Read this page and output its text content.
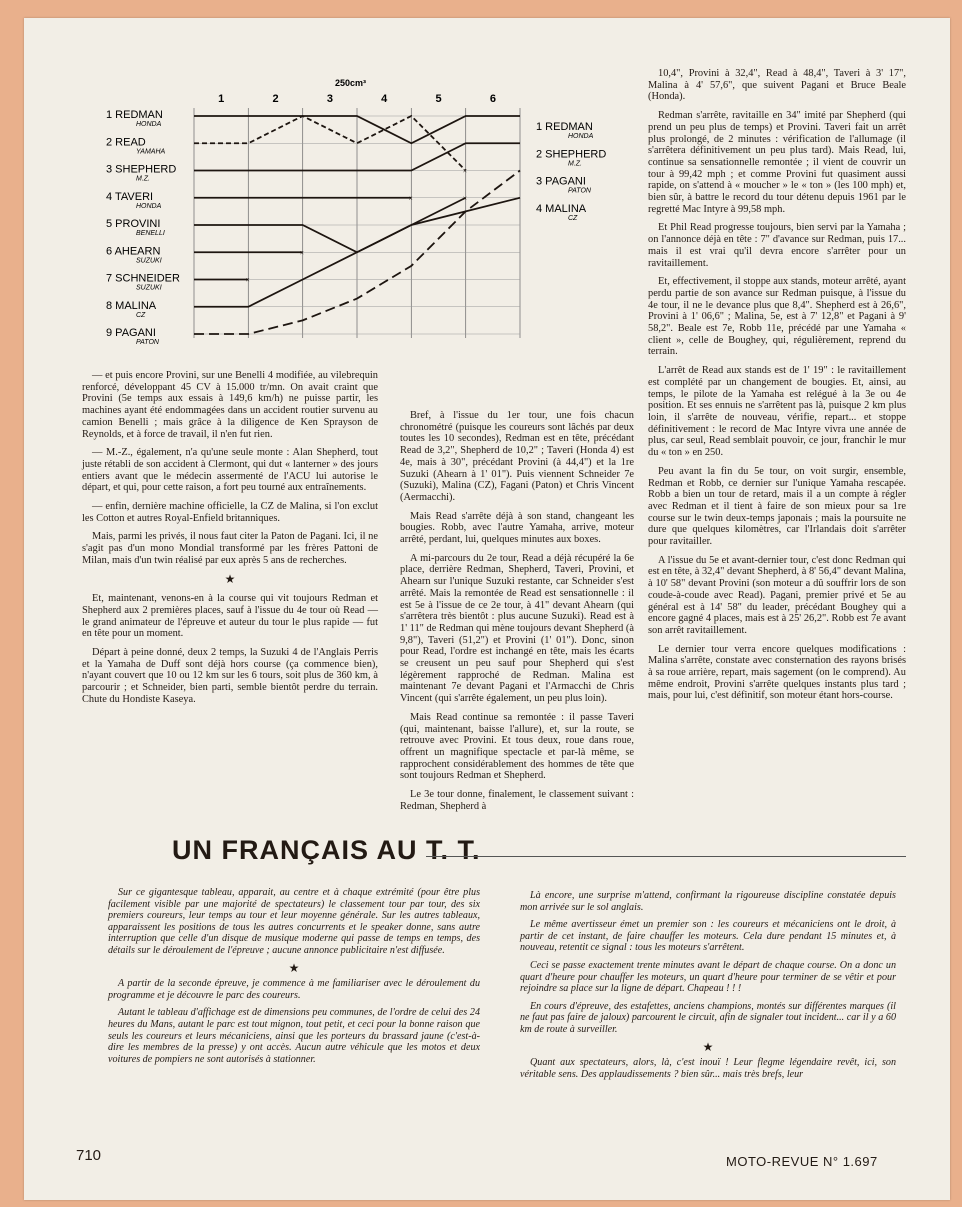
250cm³
1	2	3	4	5	6
1 REDMAN
HONDA
2 READ
YAMAHA
3 SHEPHERD
M.Z.
4 TAVERI
HONDA
5 PROVINI
BENELLI
6 AHEARN
SUZUKI
7 SCHNEIDER
SUZUKI
8 MALINA
CZ
9 PAGANI
PATON
1 REDMAN
HONDA
2 SHEPHERD
M.Z.
3 PAGANI
PATON
4 MALINA
CZ
×
×	×
×
×

— et puis encore Provini, sur une Benelli 4 modifiée, au vilebrequin renforcé, développant 45 CV à 15.000 tr/mn. On avait craint que Provini (5e temps aux essais à 149,6 km/h) ne puisse partir, les machines ayant été endommagées dans un accident routier survenu au camion Benelli ; mais grâce à la diligence de Ken Sprayson de Reynolds, et à force de travail, il n'en fut rien.

— M.-Z., également, n'a qu'une seule monte : Alan Shepherd, tout juste rétabli de son accident à Clermont, qui dut « lanterner » des jours entiers avant que le médecin assermenté de l'ACU lui autorise le départ, et qui, pour cette raison, a fort peu tourné aux entraînements.

— enfin, dernière machine officielle, la CZ de Malina, si l'on exclut les Cotton et autres Royal-Enfield britanniques.

Mais, parmi les privés, il nous faut citer la Paton de Pagani. Ici, il ne s'agit pas d'un mono Mondial transformé par les frères Pattoni de Milan, mais d'un twin réalisé par eux après 5 ans de recherches.

★

Et, maintenant, venons-en à la course qui vit toujours Redman et Shepherd aux 2 premières places, sauf à l'issue du 4e tour où Read — le grand animateur de l'épreuve et auteur du tour le plus rapide — fut en tête pour un moment.

Départ à peine donné, deux 2 temps, la Suzuki 4 de l'Anglais Perris et la Yamaha de Duff sont déjà hors course (ça commence bien), n'ayant couvert que 10 ou 12 km sur les 6 tours, soit plus de 360 km, à parcourir ; et Schneider, bien parti, semble bientôt perdre du terrain. Chute du Hondiste Kaseya.

Bref, à l'issue du 1er tour, une fois chacun chronométré (puisque les coureurs sont lâchés par deux toutes les 10 secondes), Redman est en tête, précédant Read de 3,2", Shepherd de 10,2" ; Taveri (Honda 4) est 4e, mais à 30", précédant Provini (à 44,4") et la 1re Suzuki (Ahearn à 1' 01"). Puis viennent Schneider 7e (Suzuki), Malina (CZ), Fagani (Paton) et Chris Vincent (Aermacchi).

Mais Read s'arrête déjà à son stand, changeant les bougies. Robb, avec l'autre Yamaha, arrive, moteur arrêté, perdant, lui, quelques minutes aux boxes.

A mi-parcours du 2e tour, Read a déjà récupéré la 6e place, derrière Redman, Shepherd, Taveri, Provini, et Ahearn sur l'unique Suzuki restante, car Schneider s'est arrêté. Mais la remontée de Read est sensationnelle : il est 5e à l'issue de ce 2e tour, à 41" devant Ahearn (qui s'arrêtera très bientôt : plus aucune Suzuki). Read est à 1' 11" de Redman qui mène toujours devant Shepherd (à 9,8"), Taveri (51,2") et Provini (1' 01"). Donc, sinon pour Read, l'ordre est inchangé en tête, mais les écarts se creusent un peu sauf pour Shepherd qui s'est légèrement rapproché de Redman. Malina est maintenant 7e devant Pagani et l'Armacchi de Chris Vincent (qui s'arrête également, un peu plus loin).

Mais Read continue sa remontée : il passe Taveri (qui, maintenant, baisse l'allure), et, sur la route, se retrouve avec Provini. Et tous deux, roue dans roue, offrent un magnifique spectacle et par-là même, se rapprochent considérablement des hommes de tête que sont toujours Redman et Shepherd.

Le 3e tour donne, finalement, le classement suivant : Redman, Shepherd à

10,4", Provini à 32,4", Read à 48,4", Taveri à 3' 17", Malina à 4' 57,6", que suivent Pagani et Bruce Beale (Honda).

Redman s'arrête, ravitaille en 34" imité par Shepherd (qui prend un peu plus de temps) et Provini. Taveri fait un arrêt plus prolongé, de 2 minutes : vérification de l'allumage (il s'arrêtera définitivement un peu plus tard). Mais Read, lui, continue sa sensationnelle remontée ; il vient de couvrir un tour à 99,42 mph ; et comme Provini fut quasiment aussi rapide, on s'attend à « moucher » le « ton » (les 100 mph) et, bien sûr, à battre le record du tour détenu depuis 1961 par le regretté Mac Intyre à 99,58 mph.

Et Phil Read progresse toujours, bien servi par la Yamaha ; on l'annonce déjà en tête : 7" d'avance sur Redman, puis 17... mais il est vrai qu'il devra encore s'arrêter pour un ravitaillement.

Et, effectivement, il stoppe aux stands, moteur arrêté, ayant perdu partie de son avance sur Redman puisque, à l'issue du 4e tour, il ne le devance plus que 8,4". Shepherd est à 26,6", Provini à 1' 06,6" ; Malina, 5e, est à 7' 12,8" et Pagani à 9' 58,2". Beale est 7e, Robb 11e, précédé par une Yamaha « client », celle de Boughey, qui, régulièrement, reprend du terrain.

L'arrêt de Read aux stands est de 1' 19" : le ravitaillement est complété par un changement de bougies. Et, ainsi, au temps, le pilote de la Yamaha est relégué à la 3e ou 4e position. Et ses ennuis ne s'arrêtent pas là, puisque 2 km plus loin, il s'arrête de nouveau, vérifie, repart... et stoppe définitivement : le record de Mac Intyre vivra une année de plus, car seul, Read semblait pouvoir, ce jour, franchir le mur du « ton » en 250.

Peu avant la fin du 5e tour, on voit surgir, ensemble, Redman et Robb, ce dernier sur l'unique Yamaha rescapée. Robb a bien un tour de retard, mais il a un compte à régler avec Redman et il tient à faire de son mieux pour sa 1re course sur le twin deux-temps japonais ; mais la poursuite ne dure que quelques kilomètres, car l'Irlandais doit s'arrêter pour ravitailler.

A l'issue du 5e et avant-dernier tour, c'est donc Redman qui est en tête, à 32,4" devant Shepherd, à 8' 56,4" devant Malina, à 10' 58" devant Provini (son moteur a dû souffrir lors de son coude-à-coude avec Read). Pagani, premier privé et 5e au général est à 14' 58" du leader, précédant Boughey qui a encore gagné 4 places, mais est à 25' 26,2". Robb est 7e avant son arrêt ravitaillement.

Le dernier tour verra encore quelques modifications : Malina s'arrête, constate avec consternation des rayons brisés à sa roue arrière, repart, mais sagement (on le comprend). Au même endroit, Provini s'arrête quelques instants plus tard ; mais, pour lui, c'est définitif, son moteur étant hors-course.

UN FRANÇAIS AU T. T.

Sur ce gigantesque tableau, apparait, au centre et à chaque extrémité (pour être plus facilement visible par une majorité de spectateurs) le classement tour par tour, des six premiers coureurs, leur temps au tour et leur moyenne générale. Sur les autres tableaux, apparaissent les positions de tous les autres concurrents et le speaker donne, sans autre interruption que celle d'un disque de musique moderne qui passe de temps en temps, des détails sur le déroulement de l'épreuve ; aucune annonce publicitaire n'est diffusée.

★

A partir de la seconde épreuve, je commence à me familiariser avec le déroulement du programme et je découvre le parc des coureurs.

Autant le tableau d'affichage est de dimensions peu communes, de l'ordre de celui des 24 heures du Mans, autant le parc est tout mignon, tout petit, et ceci pour la bonne raison que seuls les coureurs et leurs mécaniciens, ainsi que les porteurs du brassard jaune (c'est-à-dire les membres de la presse) y ont accès. Aucun autre véhicule que les motos et deux voitures de pompiers ne sont autorisés à stationner.

Là encore, une surprise m'attend, confirmant la rigoureuse discipline constatée depuis mon arrivée sur le sol anglais.

Le même avertisseur émet un premier son : les coureurs et mécaniciens ont le droit, à partir de cet instant, de faire chauffer les moteurs. Cela dure pendant 15 minutes et, à nouveau, retentit ce signal : tous les moteurs s'arrêtent.

Ceci se passe exactement trente minutes avant le départ de chaque course. On a donc un quart d'heure pour chauffer les moteurs, un quart d'heure pour terminer de se vêtir et pour rejoindre sa place sur la ligne de départ. Chapeau ! ! !

En cours d'épreuve, des estafettes, anciens champions, montés sur différentes marques (il ne faut pas faire de jaloux) parcourent le circuit, afin de signaler tout incident... car il y a 60 km de route à surveiller.

★

Quant aux spectateurs, alors, là, c'est inouï ! Leur flegme légendaire revêt, ici, son véritable sens. Des applaudissements ? bien sûr... mais très brefs, leur

710	MOTO-REVUE N° 1.697
